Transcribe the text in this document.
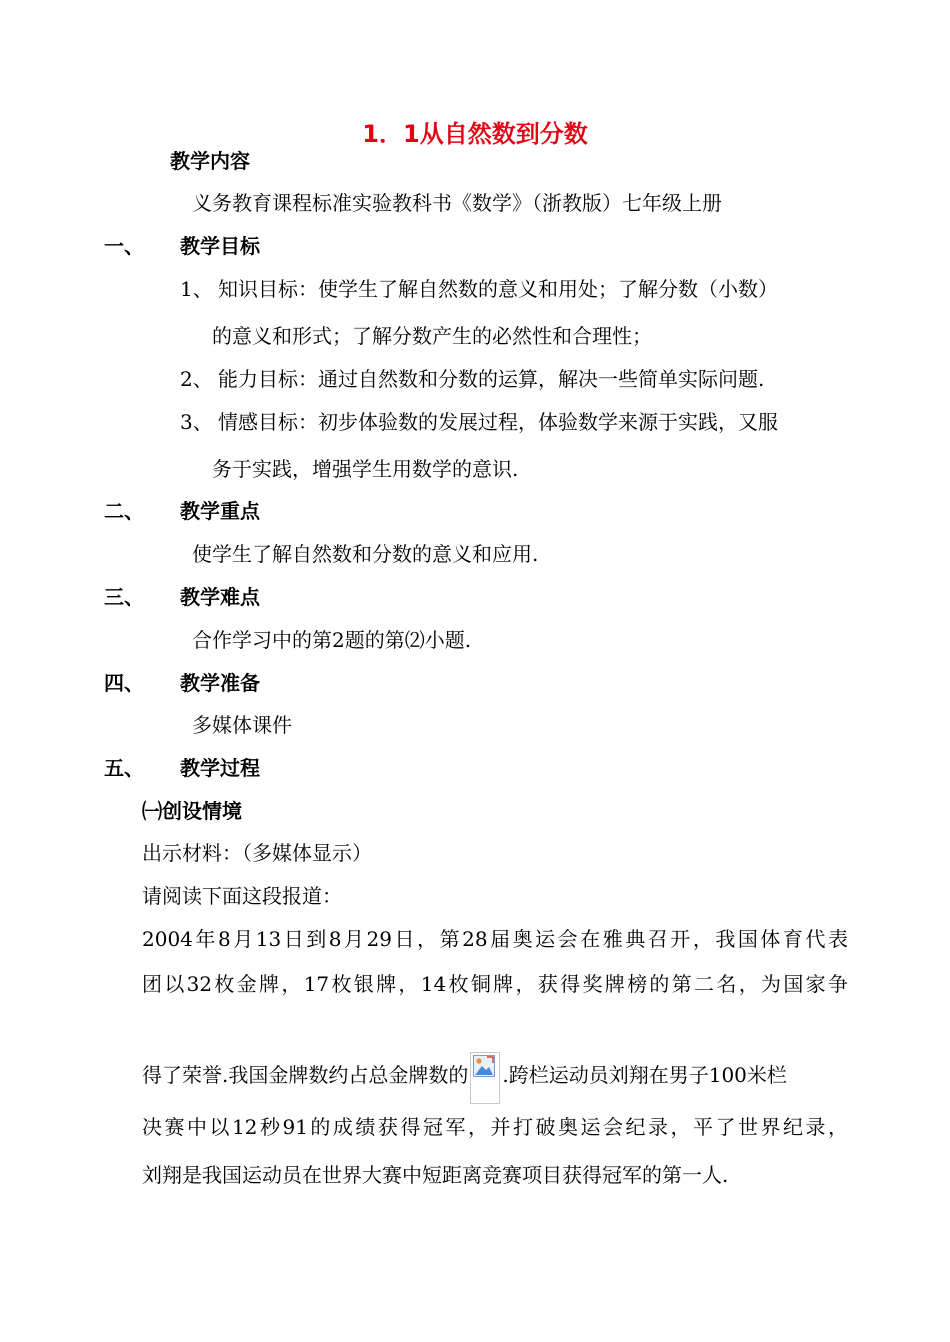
1．1从自然数到分数
教学内容
义务教育课程标准实验教科书《数学》（浙教版）七年级上册
一、 教学目标
1、 知识目标：使学生了解自然数的意义和用处；了解分数（小数）
的意义和形式；了解分数产生的必然性和合理性；
2、 能力目标：通过自然数和分数的运算，解决一些简单实际问题.
3、 情感目标：初步体验数的发展过程，体验数学来源于实践，又服
务于实践，增强学生用数学的意识.
二、 教学重点
使学生了解自然数和分数的意义和应用.
三、 教学难点
合作学习中的第2题的第⑵小题.
四、 教学准备
多媒体课件
五、 教学过程
㈠创设情境
出示材料：（多媒体显示）
请阅读下面这段报道：
2004年8月13日到8月29日，第28届奥运会在雅典召开，我国体育代表
团以32枚金牌，17枚银牌，14枚铜牌，获得奖牌榜的第二名，为国家争
得了荣誉.我国金牌数约占总金牌数的 .跨栏运动员刘翔在男子100米栏
决赛中以12秒91的成绩获得冠军，并打破奥运会纪录，平了世界纪录，
刘翔是我国运动员在世界大赛中短距离竞赛项目获得冠军的第一人.
